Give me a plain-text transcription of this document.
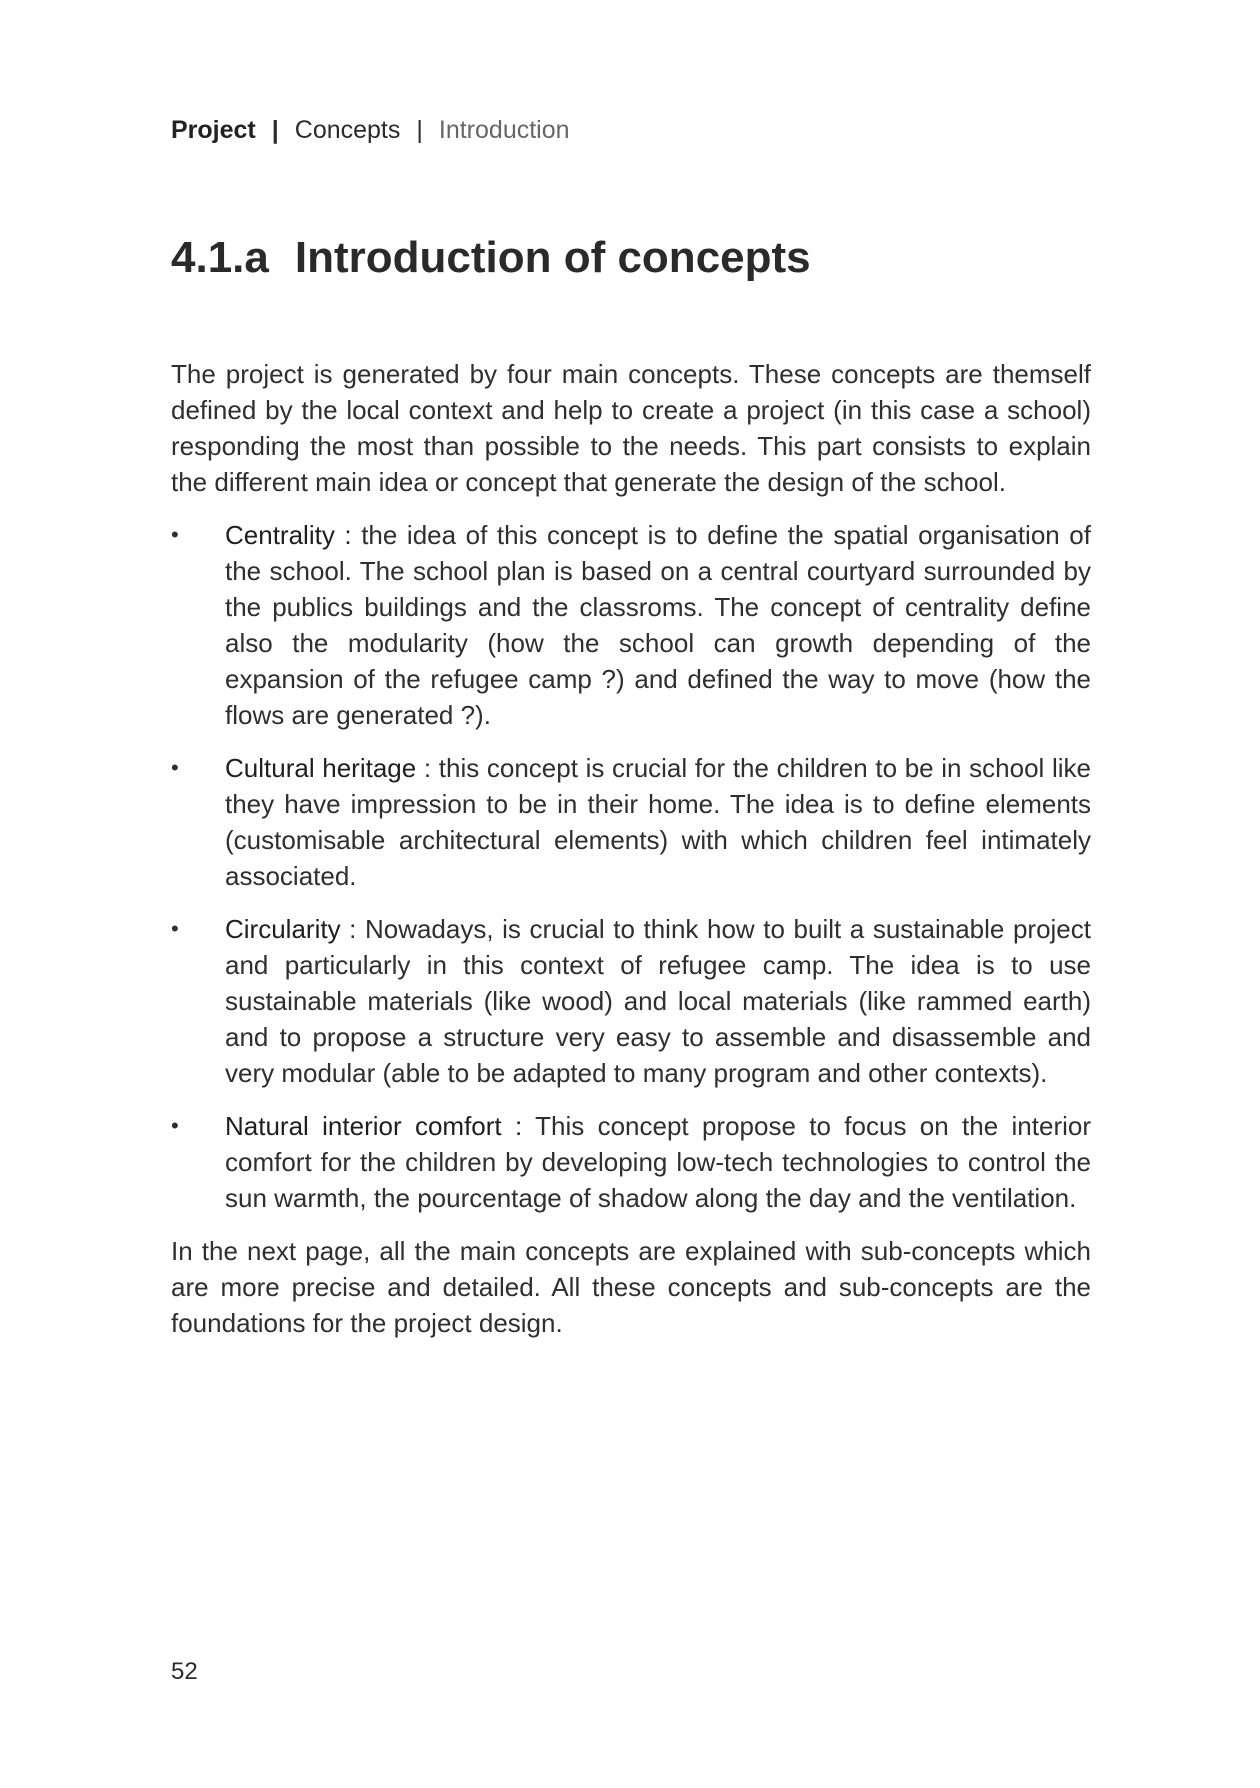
Project | Concepts | Introduction
4.1.a Introduction of concepts

The project is generated by four main concepts. These concepts are themself defined by the local context and help to create a project (in this case a school) responding the most than possible to the needs. This part consists to explain the different main idea or concept that generate the design of the school.

• Centrality : the idea of this concept is to define the spatial organisation of the school. The school plan is based on a central courtyard surrounded by the publics buildings and the classroms. The concept of centrality define also the modularity (how the school can growth depending of the expansion of the refugee camp ?) and defined the way to move (how the flows are generated ?).
• Cultural heritage : this concept is crucial for the children to be in school like they have impression to be in their home. The idea is to define elements (customisable architectural elements) with which children feel intimately associated.
• Circularity : Nowadays, is crucial to think how to built a sustainable project and particularly in this context of refugee camp. The idea is to use sustainable materials (like wood) and local materials (like rammed earth) and to propose a structure very easy to assemble and disassemble and very modular (able to be adapted to many program and other contexts).
• Natural interior comfort : This concept propose to focus on the interior comfort for the children by developing low-tech technologies to control the sun warmth, the pourcentage of shadow along the day and the ventilation.

In the next page, all the main concepts are explained with sub-concepts which are more precise and detailed. All these concepts and sub-concepts are the foundations for the project design.

52
